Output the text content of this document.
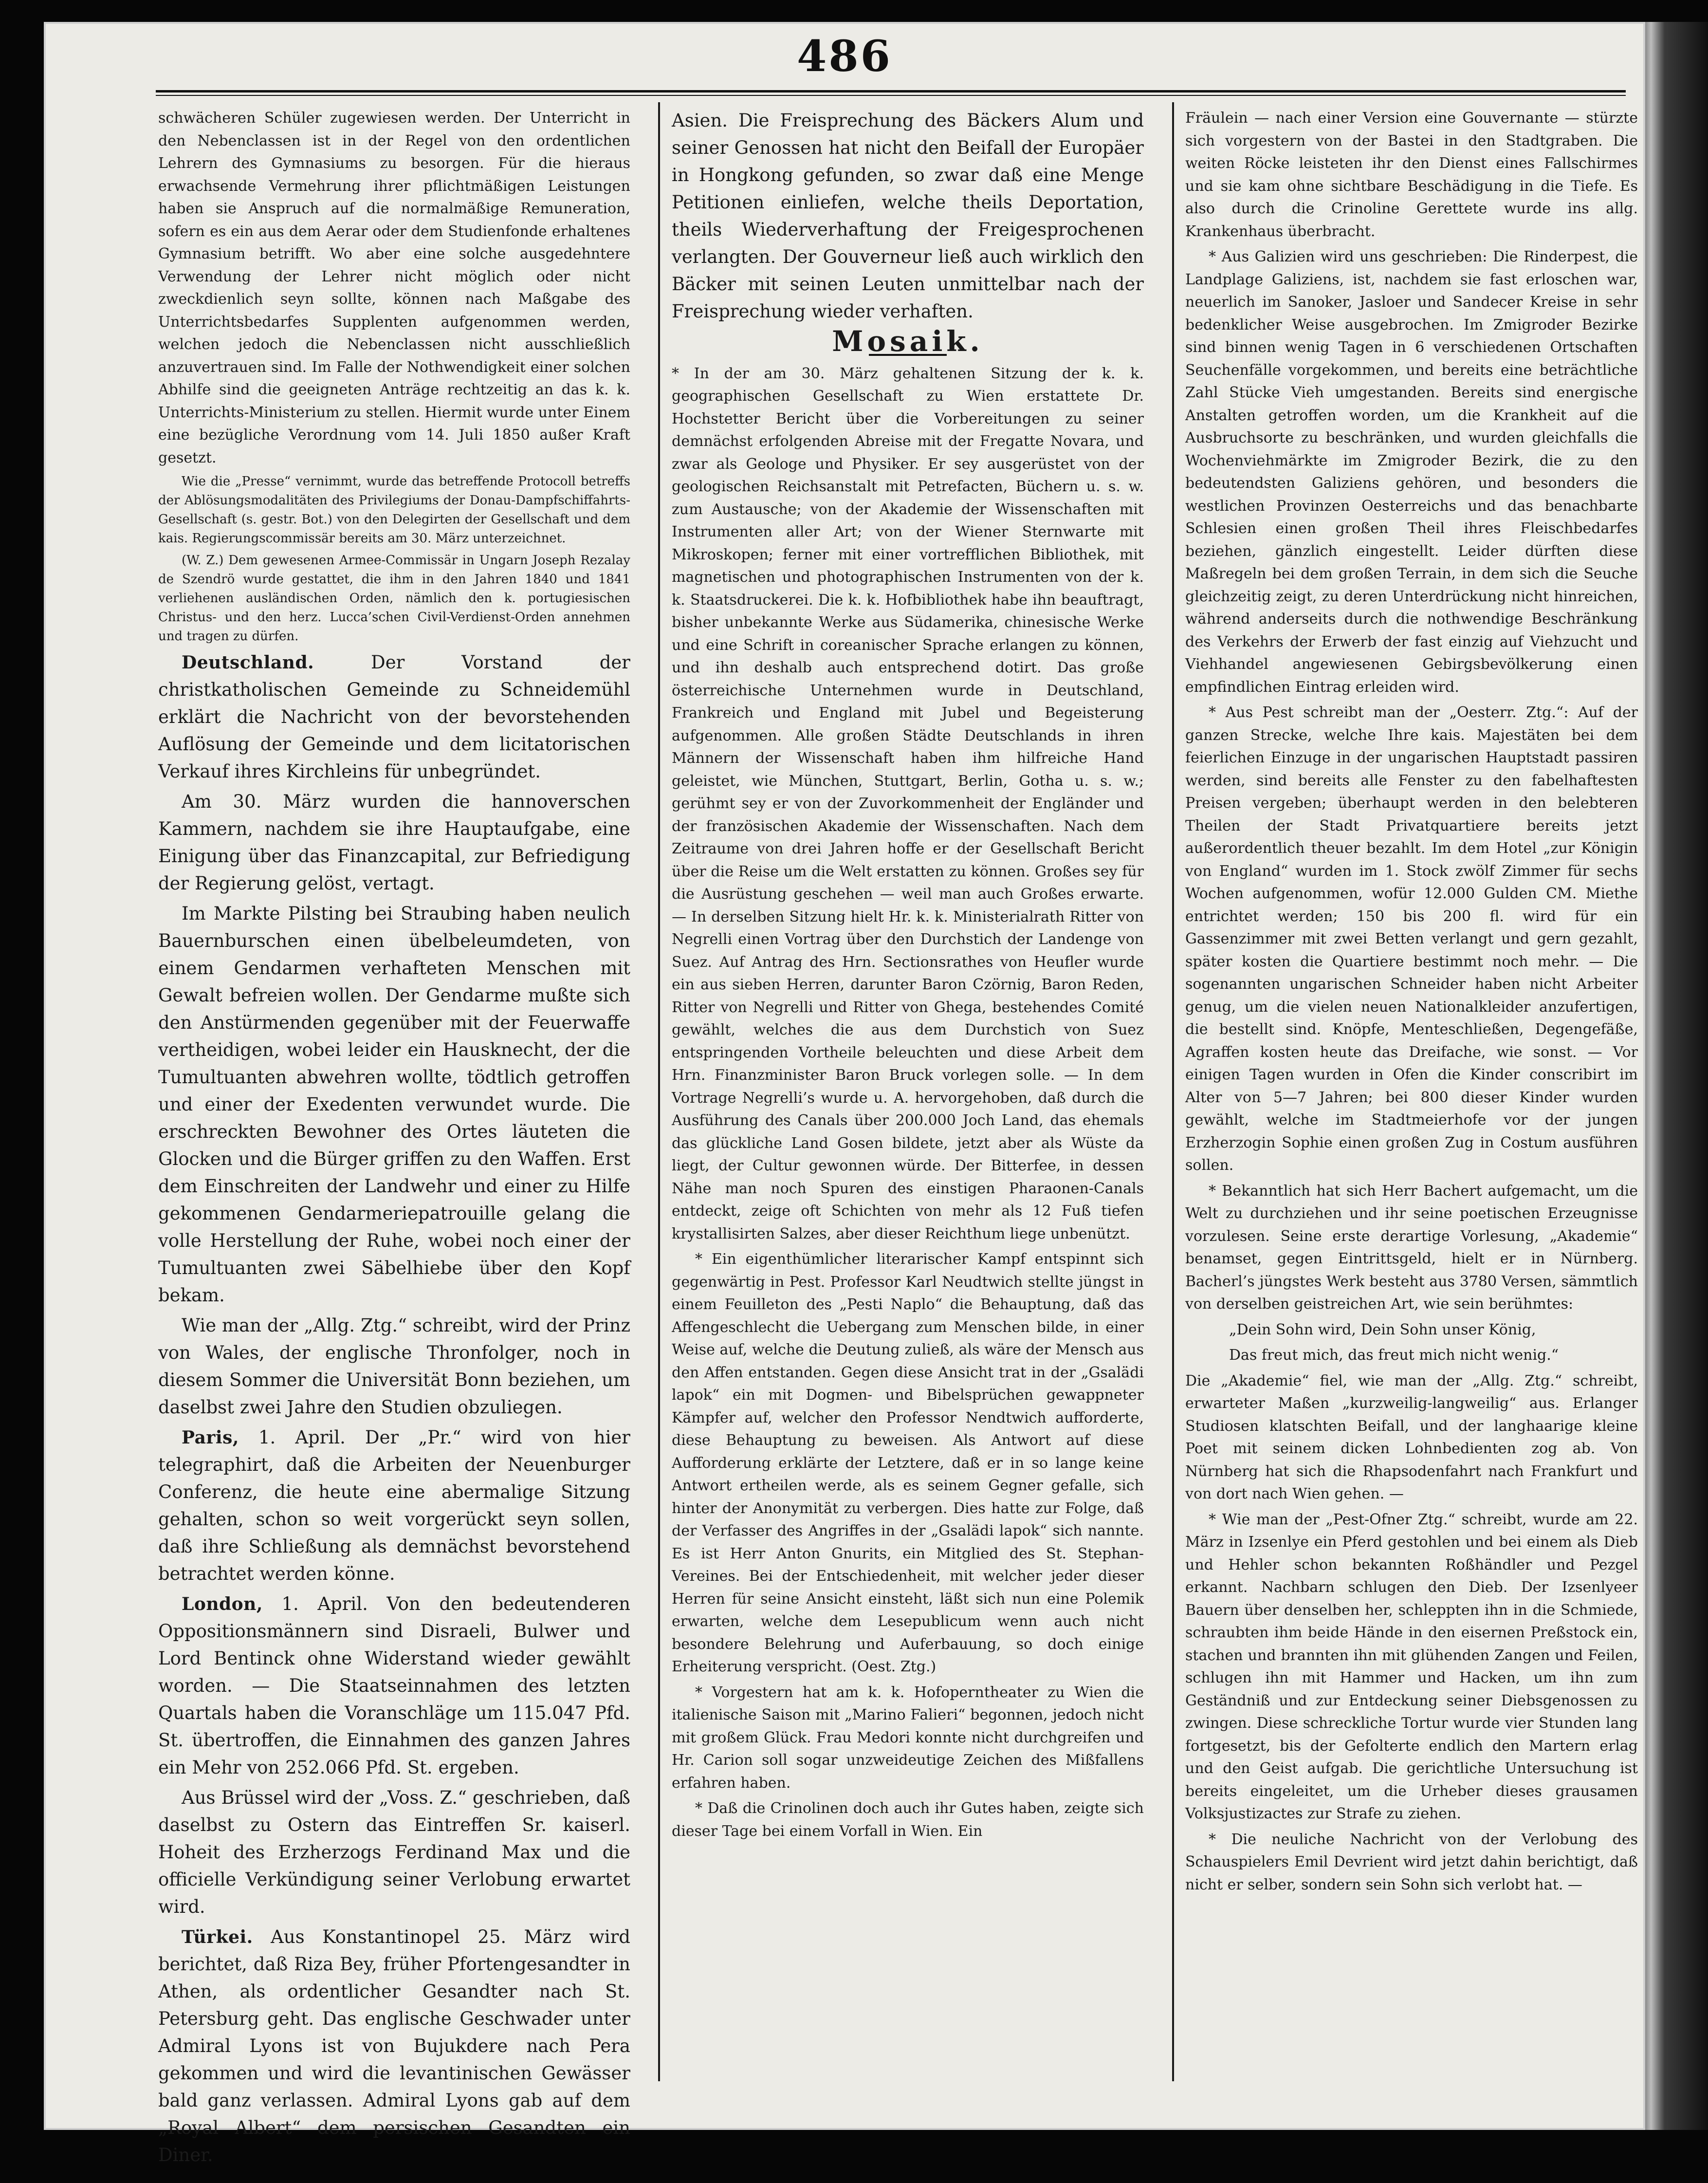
486

schwächeren Schüler zugewiesen werden. Der Unterricht in den Nebenclassen ist in der Regel von den ordentlichen Lehrern des Gymnasiums zu besorgen. Für die hieraus erwachsende Vermehrung ihrer pflichtmäßigen Leistungen haben sie Anspruch auf die normalmäßige Remuneration, sofern es ein aus dem Aerar oder dem Studienfonde erhaltenes Gymnasium betrifft. Wo aber eine solche ausgedehntere Verwendung der Lehrer nicht möglich oder nicht zweckdienlich seyn sollte, können nach Maßgabe des Unterrichtsbedarfes Supplenten aufgenommen werden, welchen jedoch die Nebenclassen nicht ausschließlich anzuvertrauen sind. Im Falle der Nothwendigkeit einer solchen Abhilfe sind die geeigneten Anträge rechtzeitig an das k. k. Unterrichts-Ministerium zu stellen. Hiermit wurde unter Einem eine bezügliche Verordnung vom 14. Juli 1850 außer Kraft gesetzt.

Wie die „Presse“ vernimmt, wurde das betreffende Protocoll betreffs der Ablösungsmodalitäten des Privilegiums der Donau-Dampfschiffahrts-Gesellschaft (s. gestr. Bot.) von den Delegirten der Gesellschaft und dem kais. Regierungscommissär bereits am 30. März unterzeichnet.

(W. Z.) Dem gewesenen Armee-Commissär in Ungarn Joseph Rezalay de Szendrö wurde gestattet, die ihm in den Jahren 1840 und 1841 verliehenen ausländischen Orden, nämlich den k. portugiesischen Christus- und den herz. Lucca’schen Civil-Verdienst-Orden annehmen und tragen zu dürfen.

Deutschland. Der Vorstand der christkatholischen Gemeinde zu Schneidemühl erklärt die Nachricht von der bevorstehenden Auflösung der Gemeinde und dem licitatorischen Verkauf ihres Kirchleins für unbegründet.

Am 30. März wurden die hannoverschen Kammern, nachdem sie ihre Hauptaufgabe, eine Einigung über das Finanzcapital, zur Befriedigung der Regierung gelöst, vertagt.

Im Markte Pilsting bei Straubing haben neulich Bauernburschen einen übelbeleumdeten, von einem Gendarmen verhafteten Menschen mit Gewalt befreien wollen. Der Gendarme mußte sich den Anstürmenden gegenüber mit der Feuerwaffe vertheidigen, wobei leider ein Hausknecht, der die Tumultuanten abwehren wollte, tödtlich getroffen und einer der Exedenten verwundet wurde. Die erschreckten Bewohner des Ortes läuteten die Glocken und die Bürger griffen zu den Waffen. Erst dem Einschreiten der Landwehr und einer zu Hilfe gekommenen Gendarmeriepatrouille gelang die volle Herstellung der Ruhe, wobei noch einer der Tumultuanten zwei Säbelhiebe über den Kopf bekam.

Wie man der „Allg. Ztg.“ schreibt, wird der Prinz von Wales, der englische Thronfolger, noch in diesem Sommer die Universität Bonn beziehen, um daselbst zwei Jahre den Studien obzuliegen.

Paris, 1. April. Der „Pr.“ wird von hier telegraphirt, daß die Arbeiten der Neuenburger Conferenz, die heute eine abermalige Sitzung gehalten, schon so weit vorgerückt seyn sollen, daß ihre Schließung als demnächst bevorstehend betrachtet werden könne.

London, 1. April. Von den bedeutenderen Oppositionsmännern sind Disraeli, Bulwer und Lord Bentinck ohne Widerstand wieder gewählt worden. — Die Staatseinnahmen des letzten Quartals haben die Voranschläge um 115.047 Pfd. St. übertroffen, die Einnahmen des ganzen Jahres ein Mehr von 252.066 Pfd. St. ergeben.

Aus Brüssel wird der „Voss. Z.“ geschrieben, daß daselbst zu Ostern das Eintreffen Sr. kaiserl. Hoheit des Erzherzogs Ferdinand Max und die officielle Verkündigung seiner Verlobung erwartet wird.

Türkei. Aus Konstantinopel 25. März wird berichtet, daß Riza Bey, früher Pfortengesandter in Athen, als ordentlicher Gesandter nach St. Petersburg geht. Das englische Geschwader unter Admiral Lyons ist von Bujukdere nach Pera gekommen und wird die levantinischen Gewässer bald ganz verlassen. Admiral Lyons gab auf dem „Royal Albert“ dem persischen Gesandten ein Diner.

Asien. Die Freisprechung des Bäckers Alum und seiner Genossen hat nicht den Beifall der Europäer in Hongkong gefunden, so zwar daß eine Menge Petitionen einliefen, welche theils Deportation, theils Wiederverhaftung der Freigesprochenen verlangten. Der Gouverneur ließ auch wirklich den Bäcker mit seinen Leuten unmittelbar nach der Freisprechung wieder verhaften.

Mosaik.

* In der am 30. März gehaltenen Sitzung der k. k. geographischen Gesellschaft zu Wien erstattete Dr. Hochstetter Bericht über die Vorbereitungen zu seiner demnächst erfolgenden Abreise mit der Fregatte Novara, und zwar als Geologe und Physiker. Er sey ausgerüstet von der geologischen Reichsanstalt mit Petrefacten, Büchern u. s. w. zum Austausche; von der Akademie der Wissenschaften mit Instrumenten aller Art; von der Wiener Sternwarte mit Mikroskopen; ferner mit einer vortrefflichen Bibliothek, mit magnetischen und photographischen Instrumenten von der k. k. Staatsdruckerei. Die k. k. Hofbibliothek habe ihn beauftragt, bisher unbekannte Werke aus Südamerika, chinesische Werke und eine Schrift in coreanischer Sprache erlangen zu können, und ihn deshalb auch entsprechend dotirt. Das große österreichische Unternehmen wurde in Deutschland, Frankreich und England mit Jubel und Begeisterung aufgenommen. Alle großen Städte Deutschlands in ihren Männern der Wissenschaft haben ihm hilfreiche Hand geleistet, wie München, Stuttgart, Berlin, Gotha u. s. w.; gerühmt sey er von der Zuvorkommenheit der Engländer und der französischen Akademie der Wissenschaften. Nach dem Zeitraume von drei Jahren hoffe er der Gesellschaft Bericht über die Reise um die Welt erstatten zu können. Großes sey für die Ausrüstung geschehen — weil man auch Großes erwarte. — In derselben Sitzung hielt Hr. k. k. Ministerialrath Ritter von Negrelli einen Vortrag über den Durchstich der Landenge von Suez. Auf Antrag des Hrn. Sectionsrathes von Heufler wurde ein aus sieben Herren, darunter Baron Czörnig, Baron Reden, Ritter von Negrelli und Ritter von Ghega, bestehendes Comité gewählt, welches die aus dem Durchstich von Suez entspringenden Vortheile beleuchten und diese Arbeit dem Hrn. Finanzminister Baron Bruck vorlegen solle. — In dem Vortrage Negrelli’s wurde u. A. hervorgehoben, daß durch die Ausführung des Canals über 200.000 Joch Land, das ehemals das glückliche Land Gosen bildete, jetzt aber als Wüste da liegt, der Cultur gewonnen würde. Der Bitterfee, in dessen Nähe man noch Spuren des einstigen Pharaonen-Canals entdeckt, zeige oft Schichten von mehr als 12 Fuß tiefen krystallisirten Salzes, aber dieser Reichthum liege unbenützt.

* Ein eigenthümlicher literarischer Kampf entspinnt sich gegenwärtig in Pest. Professor Karl Neudtwich stellte jüngst in einem Feuilleton des „Pesti Naplo“ die Behauptung, daß das Affengeschlecht die Uebergang zum Menschen bilde, in einer Weise auf, welche die Deutung zuließ, als wäre der Mensch aus den Affen entstanden. Gegen diese Ansicht trat in der „Gsalädi lapok“ ein mit Dogmen- und Bibelsprüchen gewappneter Kämpfer auf, welcher den Professor Nendtwich aufforderte, diese Behauptung zu beweisen. Als Antwort auf diese Aufforderung erklärte der Letztere, daß er in so lange keine Antwort ertheilen werde, als es seinem Gegner gefalle, sich hinter der Anonymität zu verbergen. Dies hatte zur Folge, daß der Verfasser des Angriffes in der „Gsalädi lapok“ sich nannte. Es ist Herr Anton Gnurits, ein Mitglied des St. Stephan-Vereines. Bei der Entschiedenheit, mit welcher jeder dieser Herren für seine Ansicht einsteht, läßt sich nun eine Polemik erwarten, welche dem Lesepublicum wenn auch nicht besondere Belehrung und Auferbauung, so doch einige Erheiterung verspricht. (Oest. Ztg.)

* Vorgestern hat am k. k. Hofoperntheater zu Wien die italienische Saison mit „Marino Falieri“ begonnen, jedoch nicht mit großem Glück. Frau Medori konnte nicht durchgreifen und Hr. Carion soll sogar unzweideutige Zeichen des Mißfallens erfahren haben.

* Daß die Crinolinen doch auch ihr Gutes haben, zeigte sich dieser Tage bei einem Vorfall in Wien. Ein

Fräulein — nach einer Version eine Gouvernante — stürzte sich vorgestern von der Bastei in den Stadtgraben. Die weiten Röcke leisteten ihr den Dienst eines Fallschirmes und sie kam ohne sichtbare Beschädigung in die Tiefe. Es also durch die Crinoline Gerettete wurde ins allg. Krankenhaus überbracht.

* Aus Galizien wird uns geschrieben: Die Rinderpest, die Landplage Galiziens, ist, nachdem sie fast erloschen war, neuerlich im Sanoker, Jasloer und Sandecer Kreise in sehr bedenklicher Weise ausgebrochen. Im Zmigroder Bezirke sind binnen wenig Tagen in 6 verschiedenen Ortschaften Seuchenfälle vorgekommen, und bereits eine beträchtliche Zahl Stücke Vieh umgestanden. Bereits sind energische Anstalten getroffen worden, um die Krankheit auf die Ausbruchsorte zu beschränken, und wurden gleichfalls die Wochenviehmärkte im Zmigroder Bezirk, die zu den bedeutendsten Galiziens gehören, und besonders die westlichen Provinzen Oesterreichs und das benachbarte Schlesien einen großen Theil ihres Fleischbedarfes beziehen, gänzlich eingestellt. Leider dürften diese Maßregeln bei dem großen Terrain, in dem sich die Seuche gleichzeitig zeigt, zu deren Unterdrückung nicht hinreichen, während anderseits durch die nothwendige Beschränkung des Verkehrs der Erwerb der fast einzig auf Viehzucht und Viehhandel angewiesenen Gebirgsbevölkerung einen empfindlichen Eintrag erleiden wird.

* Aus Pest schreibt man der „Oesterr. Ztg.“: Auf der ganzen Strecke, welche Ihre kais. Majestäten bei dem feierlichen Einzuge in der ungarischen Hauptstadt passiren werden, sind bereits alle Fenster zu den fabelhaftesten Preisen vergeben; überhaupt werden in den belebteren Theilen der Stadt Privatquartiere bereits jetzt außerordentlich theuer bezahlt. Im dem Hotel „zur Königin von England“ wurden im 1. Stock zwölf Zimmer für sechs Wochen aufgenommen, wofür 12.000 Gulden CM. Miethe entrichtet werden; 150 bis 200 fl. wird für ein Gassenzimmer mit zwei Betten verlangt und gern gezahlt, später kosten die Quartiere bestimmt noch mehr. — Die sogenannten ungarischen Schneider haben nicht Arbeiter genug, um die vielen neuen Nationalkleider anzufertigen, die bestellt sind. Knöpfe, Menteschließen, Degengefäße, Agraffen kosten heute das Dreifache, wie sonst. — Vor einigen Tagen wurden in Ofen die Kinder conscribirt im Alter von 5—7 Jahren; bei 800 dieser Kinder wurden gewählt, welche im Stadtmeierhofe vor der jungen Erzherzogin Sophie einen großen Zug in Costum ausführen sollen.

* Bekanntlich hat sich Herr Bachert aufgemacht, um die Welt zu durchziehen und ihr seine poetischen Erzeugnisse vorzulesen. Seine erste derartige Vorlesung, „Akademie“ benamset, gegen Eintrittsgeld, hielt er in Nürnberg. Bacherl’s jüngstes Werk besteht aus 3780 Versen, sämmtlich von derselben geistreichen Art, wie sein berühmtes:

„Dein Sohn wird, Dein Sohn unser König,

Das freut mich, das freut mich nicht wenig.“

Die „Akademie“ fiel, wie man der „Allg. Ztg.“ schreibt, erwarteter Maßen „kurzweilig-langweilig“ aus. Erlanger Studiosen klatschten Beifall, und der langhaarige kleine Poet mit seinem dicken Lohnbedienten zog ab. Von Nürnberg hat sich die Rhapsodenfahrt nach Frankfurt und von dort nach Wien gehen. —

* Wie man der „Pest-Ofner Ztg.“ schreibt, wurde am 22. März in Izsenlye ein Pferd gestohlen und bei einem als Dieb und Hehler schon bekannten Roßhändler und Pezgel erkannt. Nachbarn schlugen den Dieb. Der Izsenlyeer Bauern über denselben her, schleppten ihn in die Schmiede, schraubten ihm beide Hände in den eisernen Preßstock ein, stachen und brannten ihn mit glühenden Zangen und Feilen, schlugen ihn mit Hammer und Hacken, um ihn zum Geständniß und zur Entdeckung seiner Diebsgenossen zu zwingen. Diese schreckliche Tortur wurde vier Stunden lang fortgesetzt, bis der Gefolterte endlich den Martern erlag und den Geist aufgab. Die gerichtliche Untersuchung ist bereits eingeleitet, um die Urheber dieses grausamen Volksjustizactes zur Strafe zu ziehen.

* Die neuliche Nachricht von der Verlobung des Schauspielers Emil Devrient wird jetzt dahin berichtigt, daß nicht er selber, sondern sein Sohn sich verlobt hat. —
